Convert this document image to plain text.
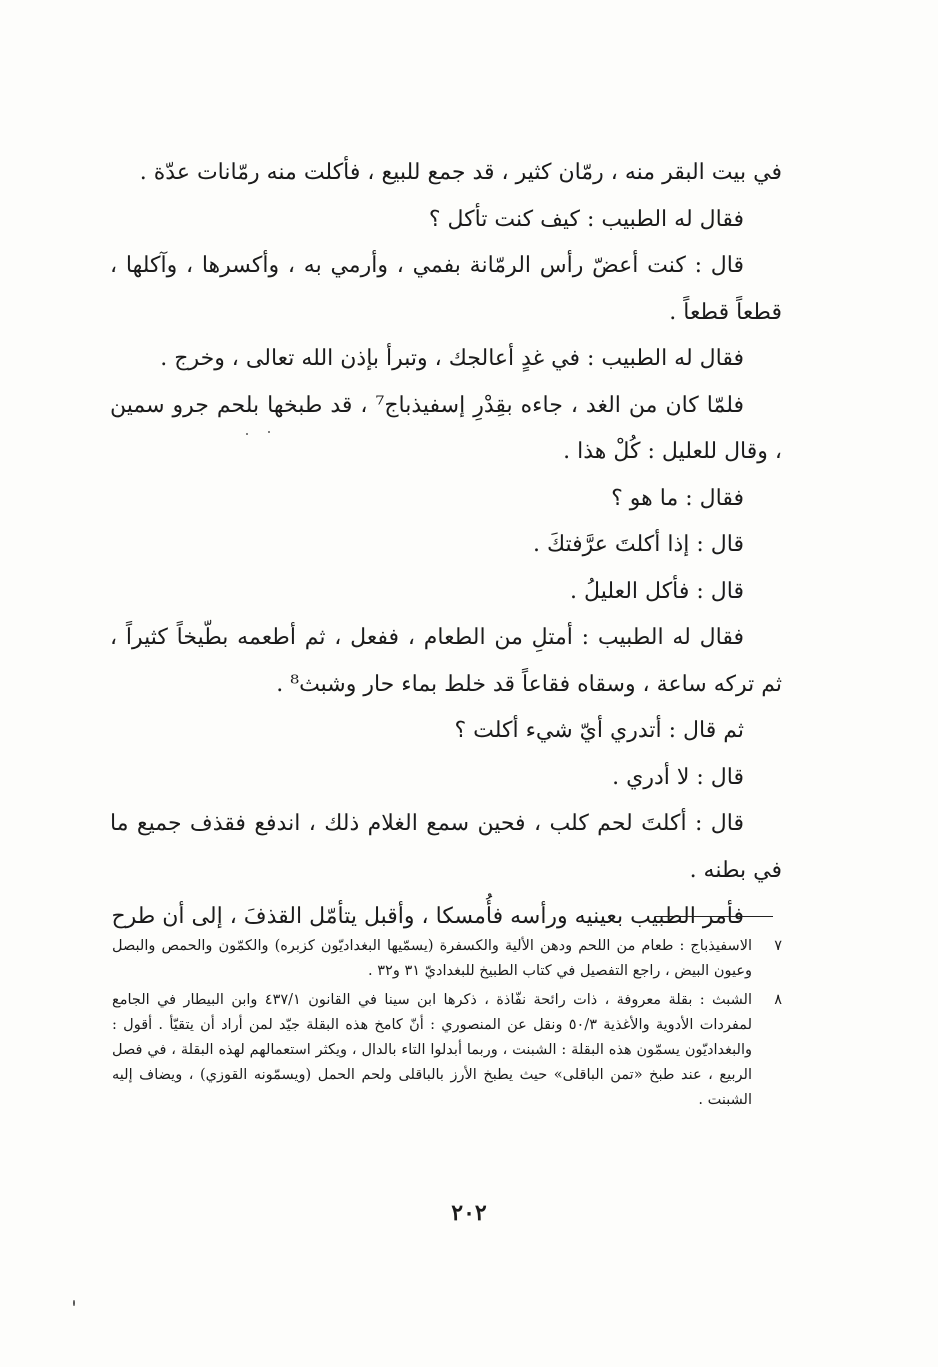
في بيت البقر منه ، رمّان كثير ، قد جمع للبيع ، فأكلت منه رمّانات عدّة .

فقال له الطبيب : كيف كنت تأكل ؟

قال : كنت أعضّ رأس الرمّانة بفمي ، وأرمي به ، وأكسرها ، وآكلها ، قطعاً قطعاً .

فقال له الطبيب : في غدٍ أعالجك ، وتبرأ بإذن الله تعالى ، وخرج .

فلمّا كان من الغد ، جاءه بقِدْرِ إسفيذباج⁷ ، قد طبخها بلحم جرو سمين ، وقال للعليل : كُلْ هذا .

فقال : ما هو ؟

قال : إذا أكلتَ عرَّفتكَ .

قال : فأكل العليلُ .

فقال له الطبيب : أمتلِ من الطعام ، ففعل ، ثم أطعمه بطّيخاً كثيراً ، ثم تركه ساعة ، وسقاه فقاعاً قد خلط بماء حار وشبث⁸ .

ثم قال : أتدري أيّ شيء أكلت ؟

قال : لا أدري .

قال : أكلتَ لحم كلب ، فحين سمع الغلام ذلك ، اندفع فقذف جميع ما في بطنه .

فأمر الطبيب بعينيه ورأسه فأُمسكا ، وأقبل يتأمّل القذفَ ، إلى أن طرح

٧
الاسفيذباج : طعام من اللحم ودهن الألية والكسفرة (يسمّيها البغداديّون كزبره) والكمّون والحمص والبصل وعيون البيض ، راجع التفصيل في كتاب الطبيخ للبغداديّ ٣١ و٣٢ .
٨
الشبث : بقلة معروفة ، ذات رائحة نفّاذة ، ذكرها ابن سينا في القانون ٤٣٧/١ وابن البيطار في الجامع لمفردات الأدوية والأغذية ٥٠/٣ ونقل عن المنصوري : أنّ كامخ هذه البقلة جيّد لمن أراد أن يتقيّأ . أقول : والبغداديّون يسمّون هذه البقلة : الشبنت ، وربما أبدلوا التاء بالدال ، ويكثر استعمالهم لهذه البقلة ، في فصل الربيع ، عند طبخ «تمن الباقلى» حيث يطبخ الأرز بالباقلى ولحم الحمل (ويسمّونه القوزي) ، ويضاف إليه الشبنت .
٢٠٢
